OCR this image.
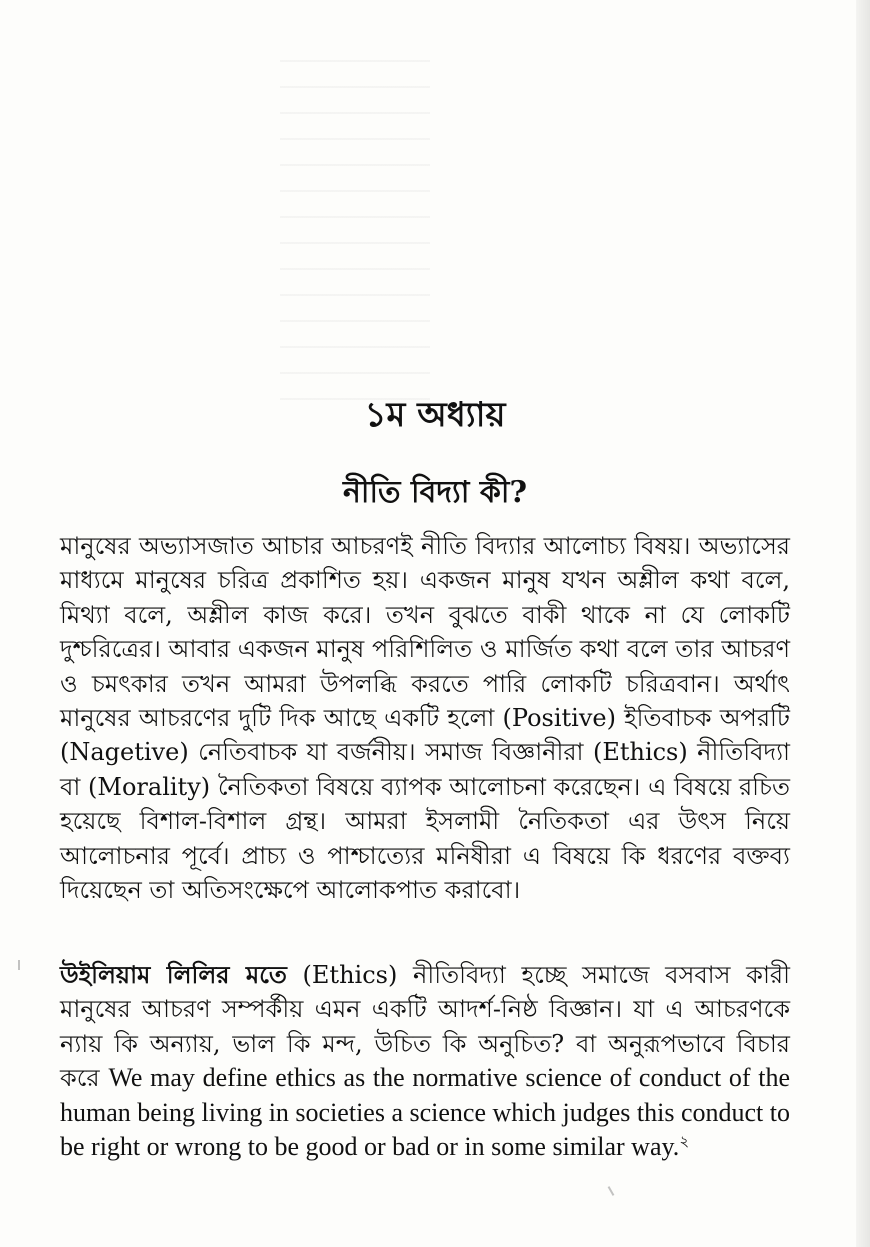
১ম অধ্যায়
নীতি বিদ্যা কী?

মানুষের অভ্যাসজাত আচার আচরণই নীতি বিদ্যার আলোচ্য বিষয়। অভ্যাসের মাধ্যমে মানুষের চরিত্র প্রকাশিত হয়। একজন মানুষ যখন অশ্লীল কথা বলে, মিথ্যা বলে, অশ্লীল কাজ করে। তখন বুঝতে বাকী থাকে না যে লোকটি দুশ্চরিত্রের। আবার একজন মানুষ পরিশিলিত ও মার্জিত কথা বলে তার আচরণ ও চমৎকার তখন আমরা উপলব্ধি করতে পারি লোকটি চরিত্রবান। অর্থাৎ মানুষের আচরণের দুটি দিক আছে একটি হলো (Positive) ইতিবাচক অপরটি (Nagetive) নেতিবাচক যা বর্জনীয়। সমাজ বিজ্ঞানীরা (Ethics) নীতিবিদ্যা বা (Morality) নৈতিকতা বিষয়ে ব্যাপক আলোচনা করেছেন। এ বিষয়ে রচিত হয়েছে বিশাল-বিশাল গ্রন্থ। আমরা ইসলামী নৈতিকতা এর উৎস নিয়ে আলোচনার পূর্বে। প্রাচ্য ও পাশ্চাত্যের মনিষীরা এ বিষয়ে কি ধরণের বক্তব্য দিয়েছেন তা অতিসংক্ষেপে আলোকপাত করাবো।

উইলিয়াম লিলির মতে (Ethics) নীতিবিদ্যা হচ্ছে সমাজে বসবাস কারী মানুষের আচরণ সম্পর্কীয় এমন একটি আদর্শ-নিষ্ঠ বিজ্ঞান। যা এ আচরণকে ন্যায় কি অন্যায়, ভাল কি মন্দ, উচিত কি অনুচিত? বা অনুরূপভাবে বিচার করে We may define ethics as the normative science of conduct of the human being living in societies a science which judges this conduct to be right or wrong to be good or bad or in some similar way.$^২$
